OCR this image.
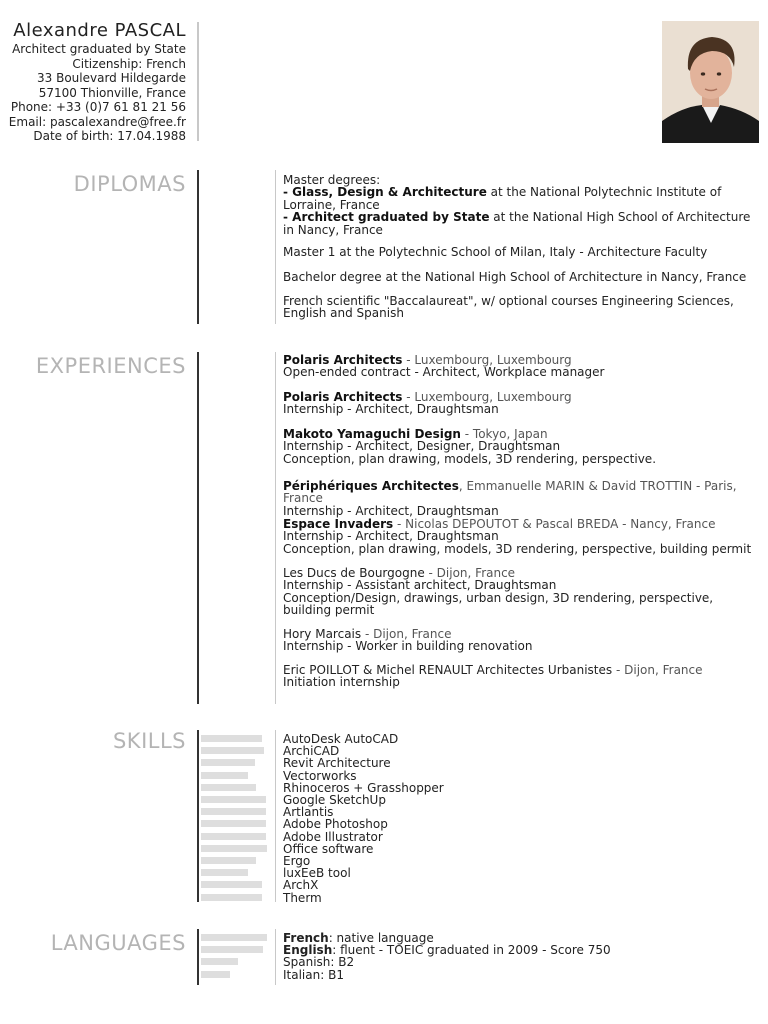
Alexandre PASCAL
Architect graduated by State
Citizenship: French
33 Boulevard Hildegarde
57100 Thionville, France
Phone: +33 (0)7 61 81 21 56
Email: pascalexandre@free.fr
Date of birth: 17.04.1988
DIPLOMAS	Master degrees:
- Glass, Design & Architecture at the National Polytechnic Institute of Lorraine, France
- Architect graduated by State at the National High School of Architecture in Nancy, France
Master 1 at the Polytechnic School of Milan, Italy - Architecture Faculty
Bachelor degree at the National High School of Architecture in Nancy, France
French scientific "Baccalaureat", w/ optional courses Engineering Sciences, English and Spanish
EXPERIENCES	Polaris Architects - Luxembourg, Luxembourg
Open-ended contract - Architect, Workplace manager
Polaris Architects - Luxembourg, Luxembourg
Internship - Architect, Draughtsman
Makoto Yamaguchi Design - Tokyo, Japan
Internship - Architect, Designer, Draughtsman
Conception, plan drawing, models, 3D rendering, perspective.
Périphériques Architectes, Emmanuelle MARIN & David TROTTIN - Paris, France
Internship - Architect, Draughtsman
Espace Invaders - Nicolas DEPOUTOT & Pascal BREDA - Nancy, France
Internship - Architect, Draughtsman
Conception, plan drawing, models, 3D rendering, perspective, building permit
Les Ducs de Bourgogne - Dijon, France
Internship - Assistant architect, Draughtsman
Conception/Design, drawings, urban design, 3D rendering, perspective, building permit
Hory Marcais - Dijon, France
Internship - Worker in building renovation
Eric POILLOT & Michel RENAULT Architectes Urbanistes - Dijon, France
Initiation internship
SKILLS	AutoDesk AutoCAD
ArchiCAD
Revit Architecture
Vectorworks
Rhinoceros + Grasshopper
Google SketchUp
Artlantis
Adobe Photoshop
Adobe Illustrator
Office software
Ergo
luxEeB tool
ArchX
Therm
LANGUAGES	French: native language
English: fluent - TOEIC graduated in 2009 - Score 750
Spanish: B2
Italian: B1
